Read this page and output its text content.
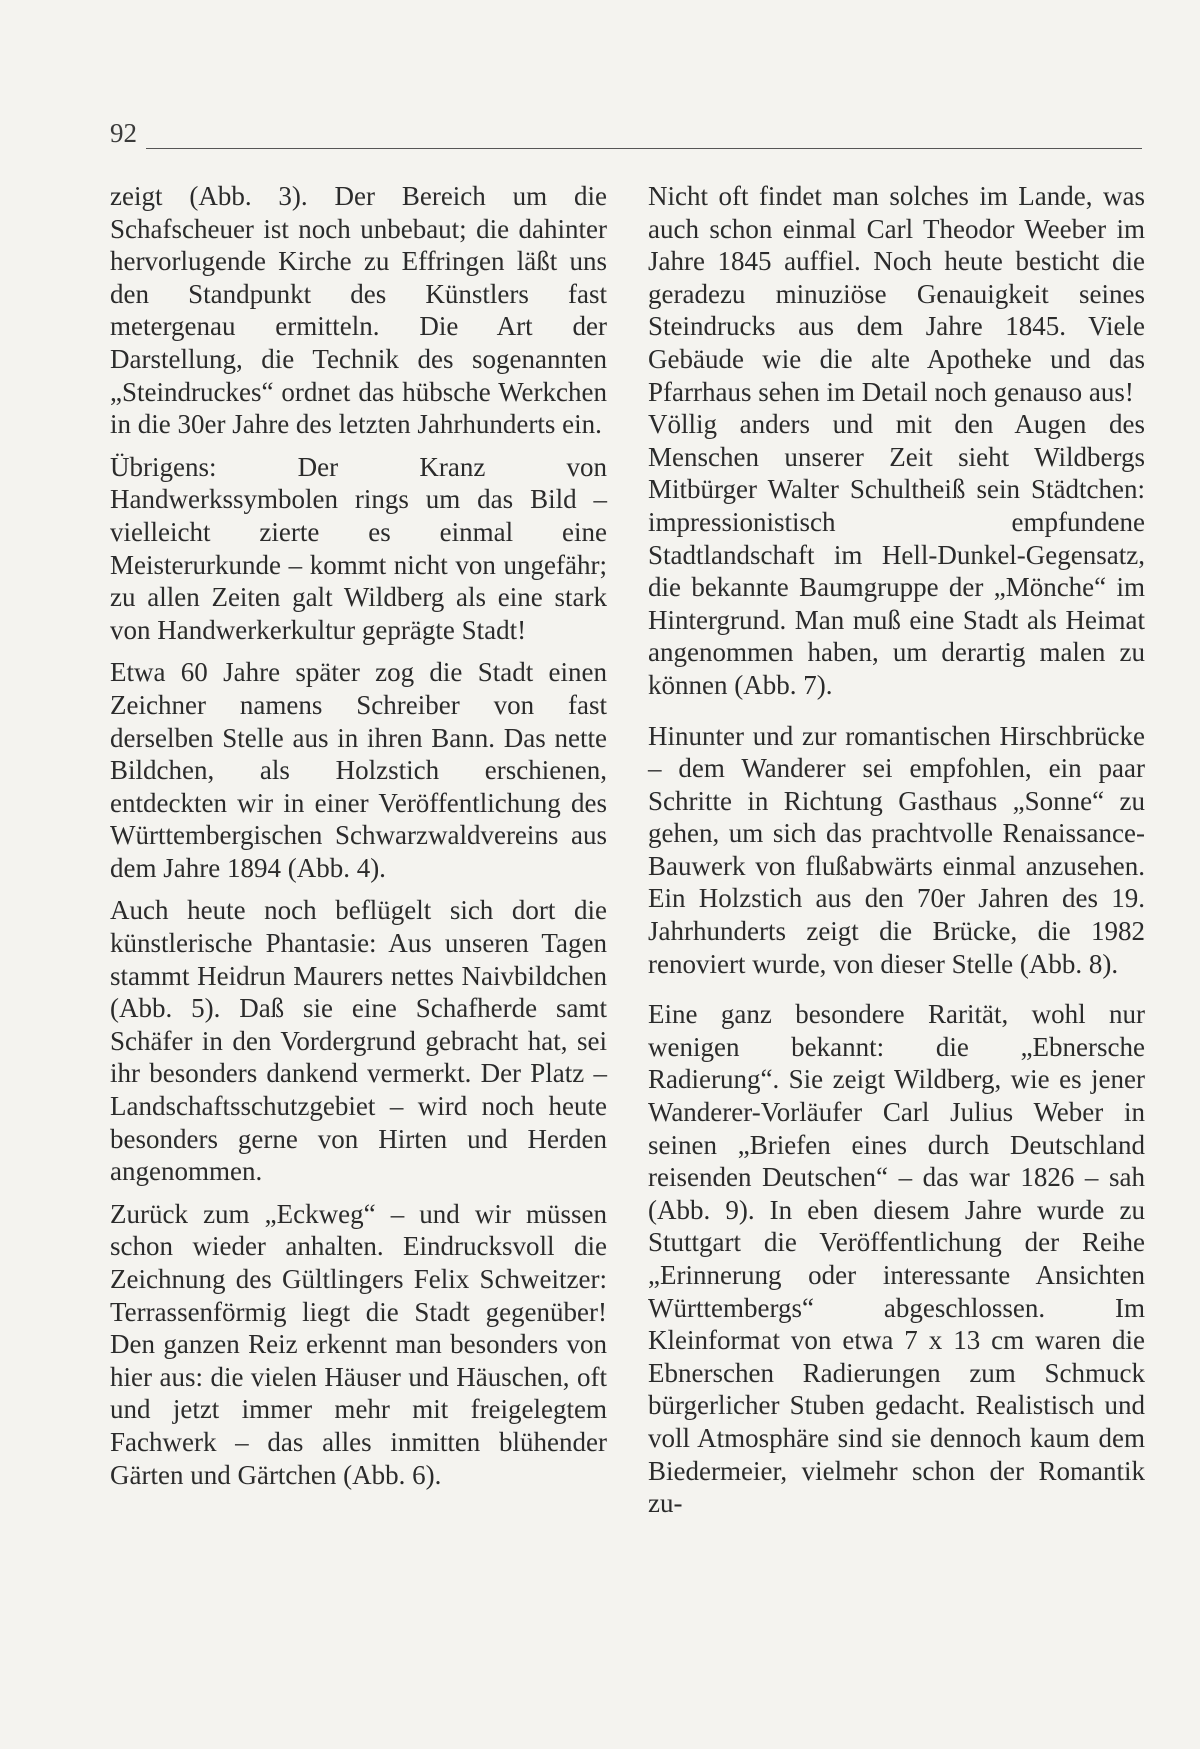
92

zeigt (Abb. 3). Der Bereich um die Schafscheuer ist noch unbebaut; die dahinter hervorlugende Kirche zu Effringen läßt uns den Standpunkt des Künstlers fast metergenau ermitteln. Die Art der Darstellung, die Technik des sogenannten „Steindruckes“ ordnet das hübsche Werkchen in die 30er Jahre des letzten Jahrhunderts ein.

Übrigens: Der Kranz von Handwerkssymbolen rings um das Bild – vielleicht zierte es einmal eine Meisterurkunde – kommt nicht von ungefähr; zu allen Zeiten galt Wildberg als eine stark von Handwerkerkultur geprägte Stadt!

Etwa 60 Jahre später zog die Stadt einen Zeichner namens Schreiber von fast derselben Stelle aus in ihren Bann. Das nette Bildchen, als Holzstich erschienen, entdeckten wir in einer Veröffentlichung des Württembergischen Schwarzwaldvereins aus dem Jahre 1894 (Abb. 4).

Auch heute noch beflügelt sich dort die künstlerische Phantasie: Aus unseren Tagen stammt Heidrun Maurers nettes Naivbildchen (Abb. 5). Daß sie eine Schafherde samt Schäfer in den Vordergrund gebracht hat, sei ihr besonders dankend vermerkt. Der Platz – Landschaftsschutzgebiet – wird noch heute besonders gerne von Hirten und Herden angenommen.

Zurück zum „Eckweg“ – und wir müssen schon wieder anhalten. Eindrucksvoll die Zeichnung des Gültlingers Felix Schweitzer: Terrassenförmig liegt die Stadt gegenüber! Den ganzen Reiz erkennt man besonders von hier aus: die vielen Häuser und Häuschen, oft und jetzt immer mehr mit freigelegtem Fachwerk – das alles inmitten blühender Gärten und Gärtchen (Abb. 6).

Nicht oft findet man solches im Lande, was auch schon einmal Carl Theodor Weeber im Jahre 1845 auffiel. Noch heute besticht die geradezu minuziöse Genauigkeit seines Steindrucks aus dem Jahre 1845. Viele Gebäude wie die alte Apotheke und das Pfarrhaus sehen im Detail noch genauso aus!

Völlig anders und mit den Augen des Menschen unserer Zeit sieht Wildbergs Mitbürger Walter Schultheiß sein Städtchen: impressionistisch empfundene Stadtlandschaft im Hell-Dunkel-Gegensatz, die bekannte Baumgruppe der „Mönche“ im Hintergrund. Man muß eine Stadt als Heimat angenommen haben, um derartig malen zu können (Abb. 7).

Hinunter und zur romantischen Hirschbrücke – dem Wanderer sei empfohlen, ein paar Schritte in Richtung Gasthaus „Sonne“ zu gehen, um sich das prachtvolle Renaissance-Bauwerk von flußabwärts einmal anzusehen. Ein Holzstich aus den 70er Jahren des 19. Jahrhunderts zeigt die Brücke, die 1982 renoviert wurde, von dieser Stelle (Abb. 8).

Eine ganz besondere Rarität, wohl nur wenigen bekannt: die „Ebnersche Radierung“. Sie zeigt Wildberg, wie es jener Wanderer-Vorläufer Carl Julius Weber in seinen „Briefen eines durch Deutschland reisenden Deutschen“ – das war 1826 – sah (Abb. 9). In eben diesem Jahre wurde zu Stuttgart die Veröffentlichung der Reihe „Erinnerung oder interessante Ansichten Württembergs“ abgeschlossen. Im Kleinformat von etwa 7 x 13 cm waren die Ebnerschen Radierungen zum Schmuck bürgerlicher Stuben gedacht. Realistisch und voll Atmosphäre sind sie dennoch kaum dem Biedermeier, vielmehr schon der Romantik zu-
